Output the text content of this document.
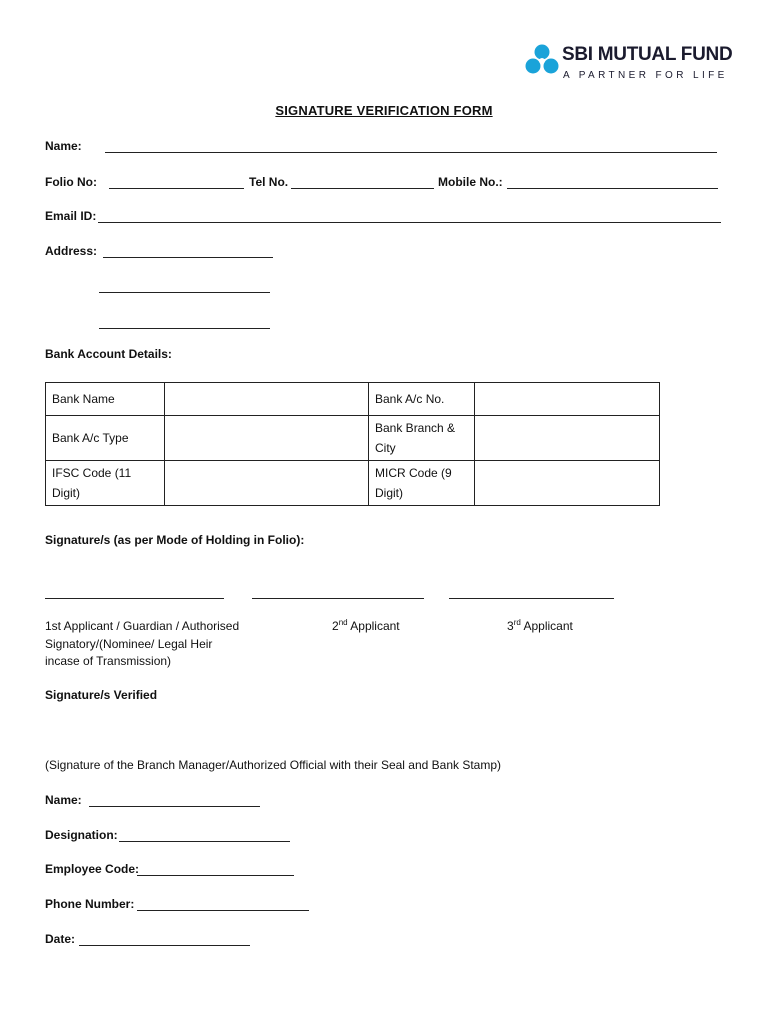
SBI MUTUAL FUND
A PARTNER FOR LIFE
SIGNATURE VERIFICATION FORM
Name:
Folio No:	Tel No.	Mobile No.:
Email ID:
Address:
Bank Account Details:
Bank Name		Bank A/c No.	
Bank A/c Type		Bank Branch & City	
IFSC Code (11 Digit)		MICR Code (9 Digit)	
Signature/s (as per Mode of Holding in Folio):
1st Applicant / Guardian / Authorised Signatory/(Nominee/ Legal Heir incase of Transmission)
2nd Applicant	3rd Applicant
Signature/s Verified
(Signature of the Branch Manager/Authorized Official with their Seal and Bank Stamp)
Name:
Designation:
Employee Code:
Phone Number:
Date:
